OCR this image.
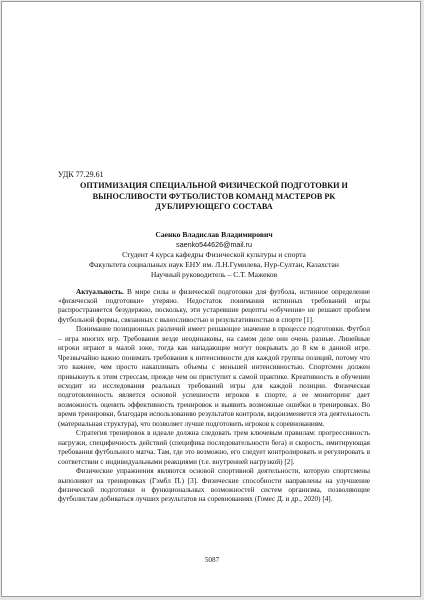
УДК 77.29.61

ОПТИМИЗАЦИЯ СПЕЦИАЛЬНОЙ ФИЗИЧЕСКОЙ ПОДГОТОВКИ И ВЫНОСЛИВОСТИ ФУТБОЛИСТОВ КОМАНД МАСТЕРОВ РК ДУБЛИРУЮЩЕГО СОСТАВА

Саенко Владислав Владимирович
saenko544626@mail.ru
Студент 4 курса кафедры Физической культуры и спорта
Факультета социальных наук ЕНУ им. Л.Н.Гумилева, Нур-Султан, Казахстан
Научный руководитель – С.Т. Мажеков

Актуальность. В мире силы и физической подготовки для футбола, истинное определение «физической подготовки» утеряно. Недостаток понимания истинных требований игры распространяется безудержно, поскольку, эти устаревшие рецепты «обучения» не решают проблем футбольной формы, связанных с выносливостью и результативностью в спорте [1].

Понимание позиционных различий имеет решающее значение в процессе подготовки. Футбол – игра многих игр. Требования везде неодинаковы, на самом деле они очень разные. Линейные игроки играют в малой зоне, тогда как нападающие могут покрывать до 8 км в данной игре. Чрезвычайно важно понимать требования к интенсивности для каждой группы позиций, потому что это важнее, чем просто накапливать объемы с меньшей интенсивностью. Спортсмен должен привыкнуть к этим стрессам, прежде чем он приступит к самой практике. Креативность в обучении исходит из исследования реальных требований игры для каждой позиции. Физическая подготовленность является основой успешности игроков в спорте, а ее мониторинг дает возможность оценить эффективность тренировок и выявить возможные ошибки в тренировках. Во время тренировки, благодаря использованию результатов контроля, видоизменяется эта деятельность (материальная структура), что позволяет лучше подготовить игроков к соревнованиям.

Стратегия тренировок в идеале должна следовать трем ключевым правилам: прогрессивность нагрузки, специфичность действий (специфика последовательности бега) и скорость, имитирующая требования футбольного матча. Там, где это возможно, его следует контролировать и регулировать в соответствии с индивидуальными реакциями (т.е. внутренней нагрузкой) [2].

Физические упражнения являются основой спортивной деятельности, которую спортсмены выполняют на тренировках (Гэмбл П.) [3]. Физические способности направлены на улучшение физической подготовки и функциональных возможностей систем организма, позволяющие футболистам добиваться лучших результатов на соревнованиях (Гомес Д. и др., 2020) [4].

5087
